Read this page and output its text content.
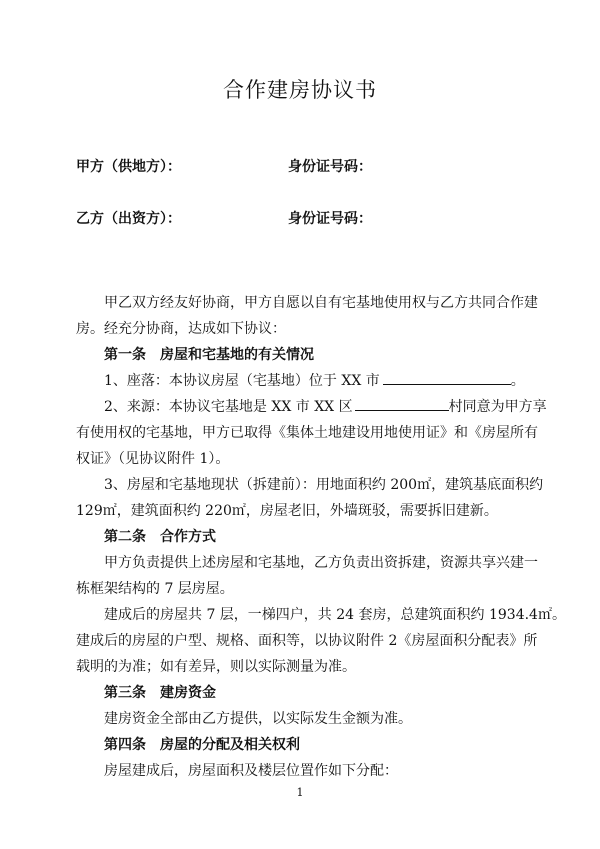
合作建房协议书
甲方（供地方）：	身份证号码：
乙方（出资方）：	身份证号码：
甲乙双方经友好协商，甲方自愿以自有宅基地使用权与乙方共同合作建
房。经充分协商，达成如下协议：
第一条　房屋和宅基地的有关情况
1、座落：本协议房屋（宅基地）位于 XX 市	。
2、来源：本协议宅基地是 XX 市 XX 区	村同意为甲方享
有使用权的宅基地，甲方已取得《集体土地建设用地使用证》和《房屋所有
权证》（见协议附件 1）。
3、房屋和宅基地现状（拆建前）：用地面积约 200㎡，建筑基底面积约
129㎡，建筑面积约 220㎡，房屋老旧，外墙斑驳，需要拆旧建新。
第二条　合作方式
甲方负责提供上述房屋和宅基地，乙方负责出资拆建，资源共享兴建一
栋框架结构的 7 层房屋。
建成后的房屋共 7 层，一梯四户，共 24 套房，总建筑面积约 1934.4㎡。
建成后的房屋的户型、规格、面积等，以协议附件 2《房屋面积分配表》所
载明的为准；如有差异，则以实际测量为准。
第三条　建房资金
建房资金全部由乙方提供，以实际发生金额为准。
第四条　房屋的分配及相关权利
房屋建成后，房屋面积及楼层位置作如下分配：
1
